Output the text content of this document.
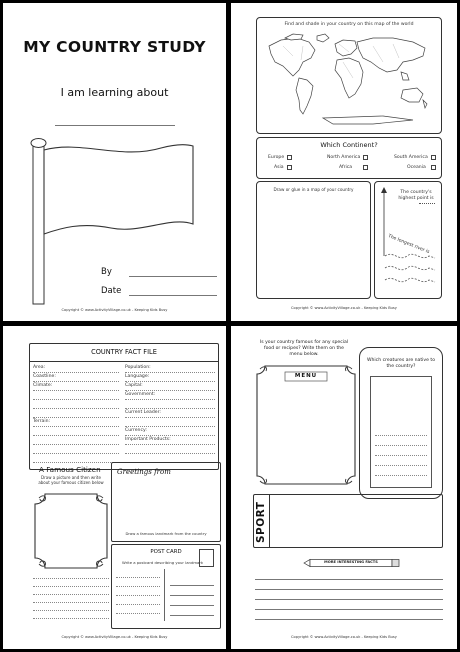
MY COUNTRY STUDY
I am learning about
By
Date
Copyright © www.ActivityVillage.co.uk - Keeping Kids Busy
Find and shade in your country on this map of the world
Which Continent?
Europe	North America	South America
Asia	Africa	Oceania
Draw or glue in a map of your country
The country's highest point is
The longest river is
Copyright © www.ActivityVillage.co.uk - Keeping Kids Busy
COUNTRY FACT FILE
Area:
Coastline:
Climate:
Terrain:
Population:
Language:
Capital:
Government:
Current Leader:
Currency:
Important Products:
A Famous Citizen
Draw a picture and then write about your famous citizen below
Greetings from
Draw a famous landmark from the country
POST CARD
Write a postcard describing your landmark
Copyright © www.ActivityVillage.co.uk - Keeping Kids Busy
Is your country famous for any special food or recipes? Write them on the menu below.
MENU
Which creatures are native to the country?
SPORT
MORE INTERESTING FACTS
Copyright © www.ActivityVillage.co.uk - Keeping Kids Busy
